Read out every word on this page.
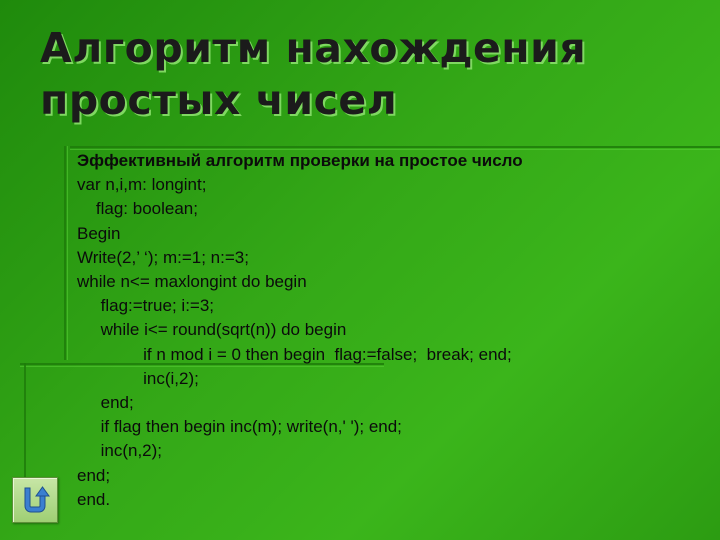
Алгоритм нахождения
простых чисел
Эффективный алгоритм проверки на простое число
var n,i,m: longint;
flag: boolean;
Begin
Write(2,’ ‘); m:=1; n:=3;
while n<= maxlongint do begin
flag:=true; i:=3;
while i<= round(sqrt(n)) do begin
if n mod i = 0 then begin  flag:=false;  break; end;
inc(i,2);
end;
if flag then begin inc(m); write(n,' '); end;
inc(n,2);
end;
end.
